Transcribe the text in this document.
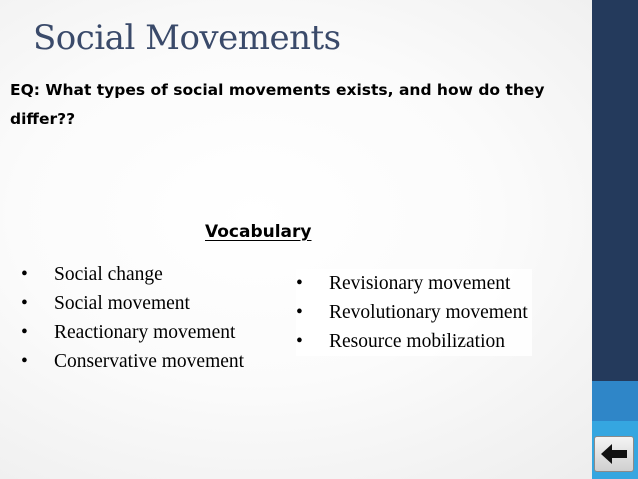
Social Movements

EQ: What types of social movements exists, and how do they differ??

Vocabulary
• Social change
• Social movement
• Reactionary movement
• Conservative movement
• Revisionary movement
• Revolutionary movement
• Resource mobilization
